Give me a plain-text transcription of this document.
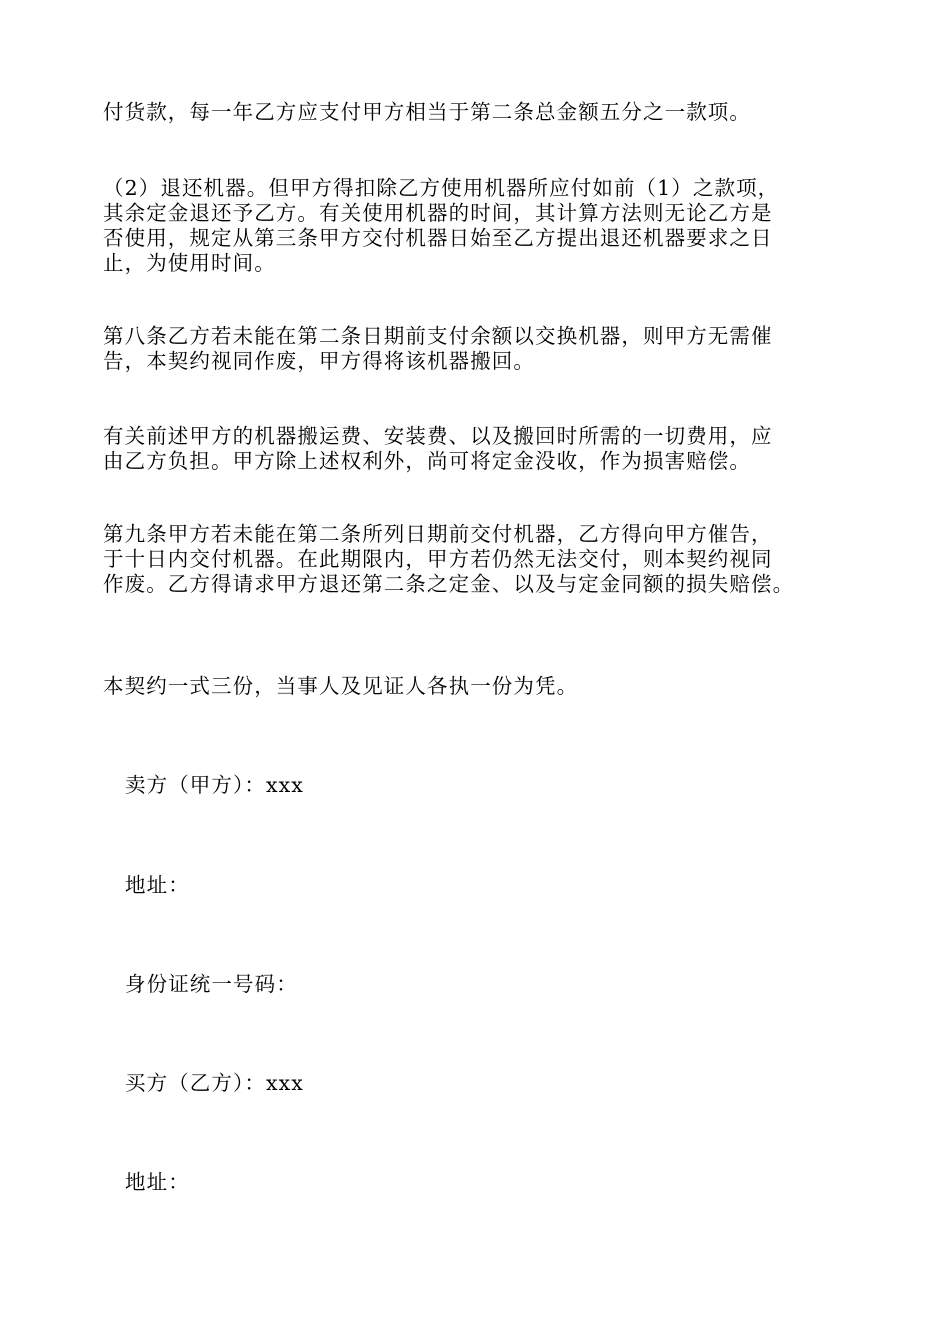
付货款，每一年乙方应支付甲方相当于第二条总金额五分之一款项。

（2）退还机器。但甲方得扣除乙方使用机器所应付如前（1）之款项，
其余定金退还予乙方。有关使用机器的时间，其计算方法则无论乙方是
否使用，规定从第三条甲方交付机器日始至乙方提出退还机器要求之日
止，为使用时间。

第八条乙方若未能在第二条日期前支付余额以交换机器，则甲方无需催
告，本契约视同作废，甲方得将该机器搬回。

有关前述甲方的机器搬运费、安装费、以及搬回时所需的一切费用，应
由乙方负担。甲方除上述权利外，尚可将定金没收，作为损害赔偿。

第九条甲方若未能在第二条所列日期前交付机器，乙方得向甲方催告，
于十日内交付机器。在此期限内，甲方若仍然无法交付，则本契约视同
作废。乙方得请求甲方退还第二条之定金、以及与定金同额的损失赔偿。

本契约一式三份，当事人及见证人各执一份为凭。

卖方（甲方）：xxx

地址：

身份证统一号码：

买方（乙方）：xxx

地址：
